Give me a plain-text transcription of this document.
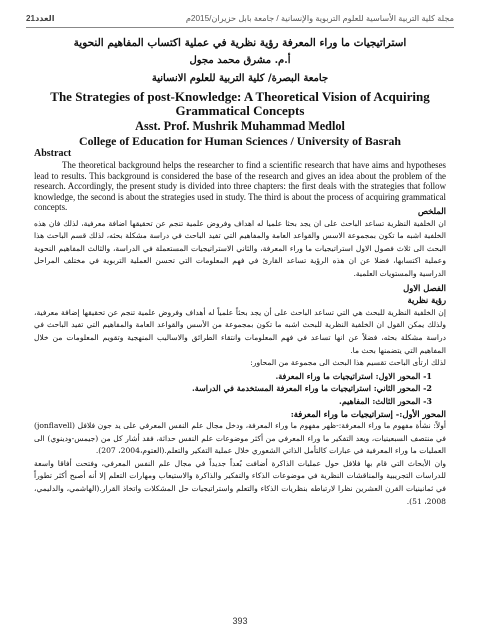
العدد21	مجلة كلية التربية الأساسية للعلوم التربوية والإنسانية / جامعة بابل حزيران/2015م
استراتيجيات ما وراء المعرفة رؤية نظرية في عملية اكتساب المفاهيم النحوية
أ.م. مشرق محمد مجول
جامعة البصرة/ كلية التربية للعلوم الانسانية
The Strategies of post-Knowledge: A Theoretical Vision of Acquiring Grammatical Concepts
Asst. Prof. Mushrik Muhammad Medlol
College of Education for Human Sciences / University of Basrah
Abstract

The theoretical background helps the researcher to find a scientific research that have aims and hypotheses lead to results. This background is considered the base of the research and gives an idea about the problem of the research. Accordingly, the present study is divided into three chapters: the first deals with the strategies that follow knowledge, the second is about the strategies used in study. The third is about the process of acquiring grammatical concepts.	الملخص

ان الخلفية النظرية تساعد الباحث على ان يجد بحثا علميا له اهداف وفروض علمية تنجم عن تحقيقها اضافة معرفية، لذلك فان هذه الخلفية اشبه ما تكون بمجموعة الاسس والقواعد العامة والمفاهيم التي تفيد الباحث في دراسة مشكلة بحثه، لذلك قسم الباحث هذا البحث الى ثلاث فصول الاول استراتيجيات ما وراء المعرفة، والثاني الاستراتيجيات المستعملة في الدراسة، والثالث المفاهيم النحوية وعملية اكتسابها، فضلا عن ان هذه الرؤية تساعد القارئ في فهم المعلومات التي تحسن العملية التربوية في مختلف المراحل الدراسية والمستويات العلمية.

الفصل الاول

رؤية نظرية

إن الخلفية النظرية للبحث هي التي تساعد الباحث على أن يجد بحثاً علمياً له أهداف وفروض علمية تنجم عن تحقيقها إضافة معرفية، ولذلك يمكن القول ان الخلفية النظرية للبحث اشبه ما تكون بمجموعة من الأسس والقواعد العامة والمفاهيم التي تفيد الباحث في دراسة مشكلة بحثه، فضلاً عن انها تساعد في فهم المعلومات وانتقاء الطرائق والاساليب المنهجية وتقويم المعلومات من خلال المفاهيم التي يتضمنها بحث ما.

لذلك ارتأى الباحث تقسيم هذا البحث الى مجموعة من المحاور:

1- المحور الاول: استراتيجيات ما وراء المعرفة.

2- المحور الثاني: استراتيجيات ما وراء المعرفة المستخدمة في الدراسة.

3- المحور الثالث: المفاهيم.

المحور الأول:- إستراتيجيات ما وراء المعرفة:

أولاً: نشأة مفهوم ما وراء المعرفة:-ظهر مفهوم ما وراء المعرفة، ودخل مجال علم النفس المعرفي على يد جون فلافل (jonflavell) في منتصف السبعينيات، ويعد التفكير ما وراء المعرفي من أكثر موضوعات علم النفس حداثة، فقد أشار كل من (جيمس-ودينوي) الى العمليات ما وراء المعرفية في عبارات كالتأمل الذاتي الشعوري خلال عملية التفكير والتعلم.(العتوم،2004، 207).

وان الأبحاث التي قام بها فلافل حول عمليات الذاكرة أضافت بُعداً جديداً في مجال علم النفس المعرفي، وفتحت أفاقا واسعة للدراسات التجريبية والمناقشات النظرية في موضوعات الذكاء والتفكير والذاكرة والاستيعاب ومهارات التعلم إلا أنه أصبح أكثر تطوراً في ثمانينيات القرن العشرين نظرا لارتباطه بنظريات الذكاء والتعلم واستراتيجيات حل المشكلات واتخاذ القرار.(الهاشمي، والدليمي، 2008، 51).

393
